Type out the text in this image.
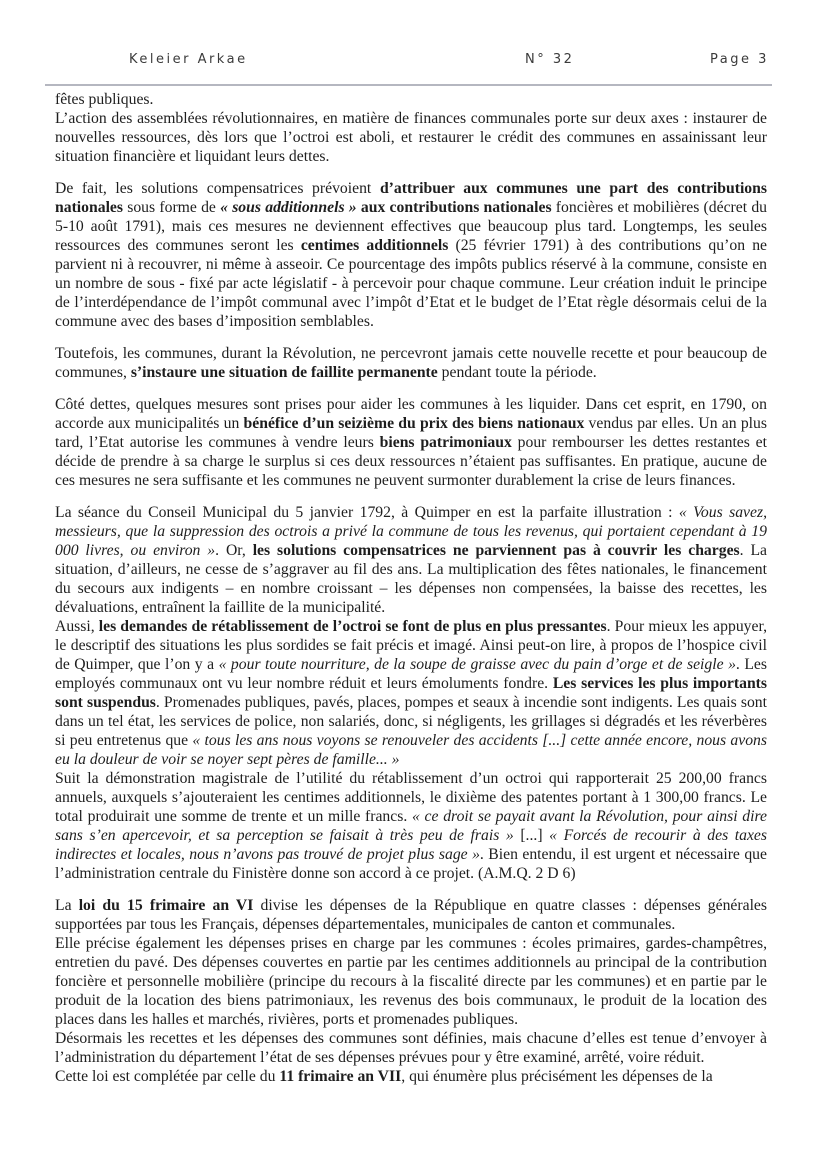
Keleier Arkae	N° 32	Page 3

fêtes publiques.

L’action des assemblées révolutionnaires, en matière de finances communales porte sur deux axes : instaurer de nouvelles ressources, dès lors que l’octroi est aboli, et restaurer le crédit des communes en assainissant leur situation financière et liquidant leurs dettes.

De fait, les solutions compensatrices prévoient d’attribuer aux communes une part des contributions nationales sous forme de « sous additionnels » aux contributions nationales foncières et mobilières (décret du 5-10 août 1791), mais ces mesures ne deviennent effectives que beaucoup plus tard. Longtemps, les seules ressources des communes seront les centimes additionnels (25 février 1791) à des contributions qu’on ne parvient ni à recouvrer, ni même à asseoir. Ce pourcentage des impôts publics réservé à la commune, consiste en un nombre de sous - fixé par acte législatif - à percevoir pour chaque commune. Leur création induit le principe de l’interdépendance de l’impôt communal avec l’impôt d’Etat et le budget de l’Etat règle désormais celui de la commune avec des bases d’imposition semblables.

Toutefois, les communes, durant la Révolution, ne percevront jamais cette nouvelle recette et pour beaucoup de communes, s’instaure une situation de faillite permanente pendant toute la période.

Côté dettes, quelques mesures sont prises pour aider les communes à les liquider. Dans cet esprit, en 1790, on accorde aux municipalités un bénéfice d’un seizième du prix des biens nationaux vendus par elles. Un an plus tard, l’Etat autorise les communes à vendre leurs biens patrimoniaux pour rembourser les dettes restantes et décide de prendre à sa charge le surplus si ces deux ressources n’étaient pas suffisantes. En pratique, aucune de ces mesures ne sera suffisante et les communes ne peuvent surmonter durablement la crise de leurs finances.

La séance du Conseil Municipal du 5 janvier 1792, à Quimper en est la parfaite illustration : « Vous savez, messieurs, que la suppression des octrois a privé la commune de tous les revenus, qui portaient cependant à 19 000 livres, ou environ ». Or, les solutions compensatrices ne parviennent pas à couvrir les charges. La situation, d’ailleurs, ne cesse de s’aggraver au fil des ans. La multiplication des fêtes nationales, le financement du secours aux indigents – en nombre croissant – les dépenses non compensées, la baisse des recettes, les dévaluations, entraînent la faillite de la municipalité.

Aussi, les demandes de rétablissement de l’octroi se font de plus en plus pressantes. Pour mieux les appuyer, le descriptif des situations les plus sordides se fait précis et imagé. Ainsi peut-on lire, à propos de l’hospice civil de Quimper, que l’on y a « pour toute nourriture, de la soupe de graisse avec du pain d’orge et de seigle ». Les employés communaux ont vu leur nombre réduit et leurs émoluments fondre. Les services les plus importants sont suspendus. Promenades publiques, pavés, places, pompes et seaux à incendie sont indigents. Les quais sont dans un tel état, les services de police, non salariés, donc, si négligents, les grillages si dégradés et les réverbères si peu entretenus que « tous les ans nous voyons se renouveler des accidents [...] cette année encore, nous avons eu la douleur de voir se noyer sept pères de famille... »

Suit la démonstration magistrale de l’utilité du rétablissement d’un octroi qui rapporterait 25 200,00 francs annuels, auxquels s’ajouteraient les centimes additionnels, le dixième des patentes portant à 1 300,00 francs. Le total produirait une somme de trente et un mille francs. « ce droit se payait avant la Révolution, pour ainsi dire sans s’en apercevoir, et sa perception se faisait à très peu de frais » [...] « Forcés de recourir à des taxes indirectes et locales, nous n’avons pas trouvé de projet plus sage ». Bien entendu, il est urgent et nécessaire que l’administration centrale du Finistère donne son accord à ce projet. (A.M.Q. 2 D 6)

La loi du 15 frimaire an VI divise les dépenses de la République en quatre classes : dépenses générales supportées par tous les Français, dépenses départementales, municipales de canton et communales.

Elle précise également les dépenses prises en charge par les communes : écoles primaires, gardes-champêtres, entretien du pavé. Des dépenses couvertes en partie par les centimes additionnels au principal de la contribution foncière et personnelle mobilière (principe du recours à la fiscalité directe par les communes) et en partie par le produit de la location des biens patrimoniaux, les revenus des bois communaux, le produit de la location des places dans les halles et marchés, rivières, ports et promenades publiques.

Désormais les recettes et les dépenses des communes sont définies, mais chacune d’elles est tenue d’envoyer à l’administration du département l’état de ses dépenses prévues pour y être examiné, arrêté, voire réduit.

Cette loi est complétée par celle du 11 frimaire an VII, qui énumère plus précisément les dépenses de la
